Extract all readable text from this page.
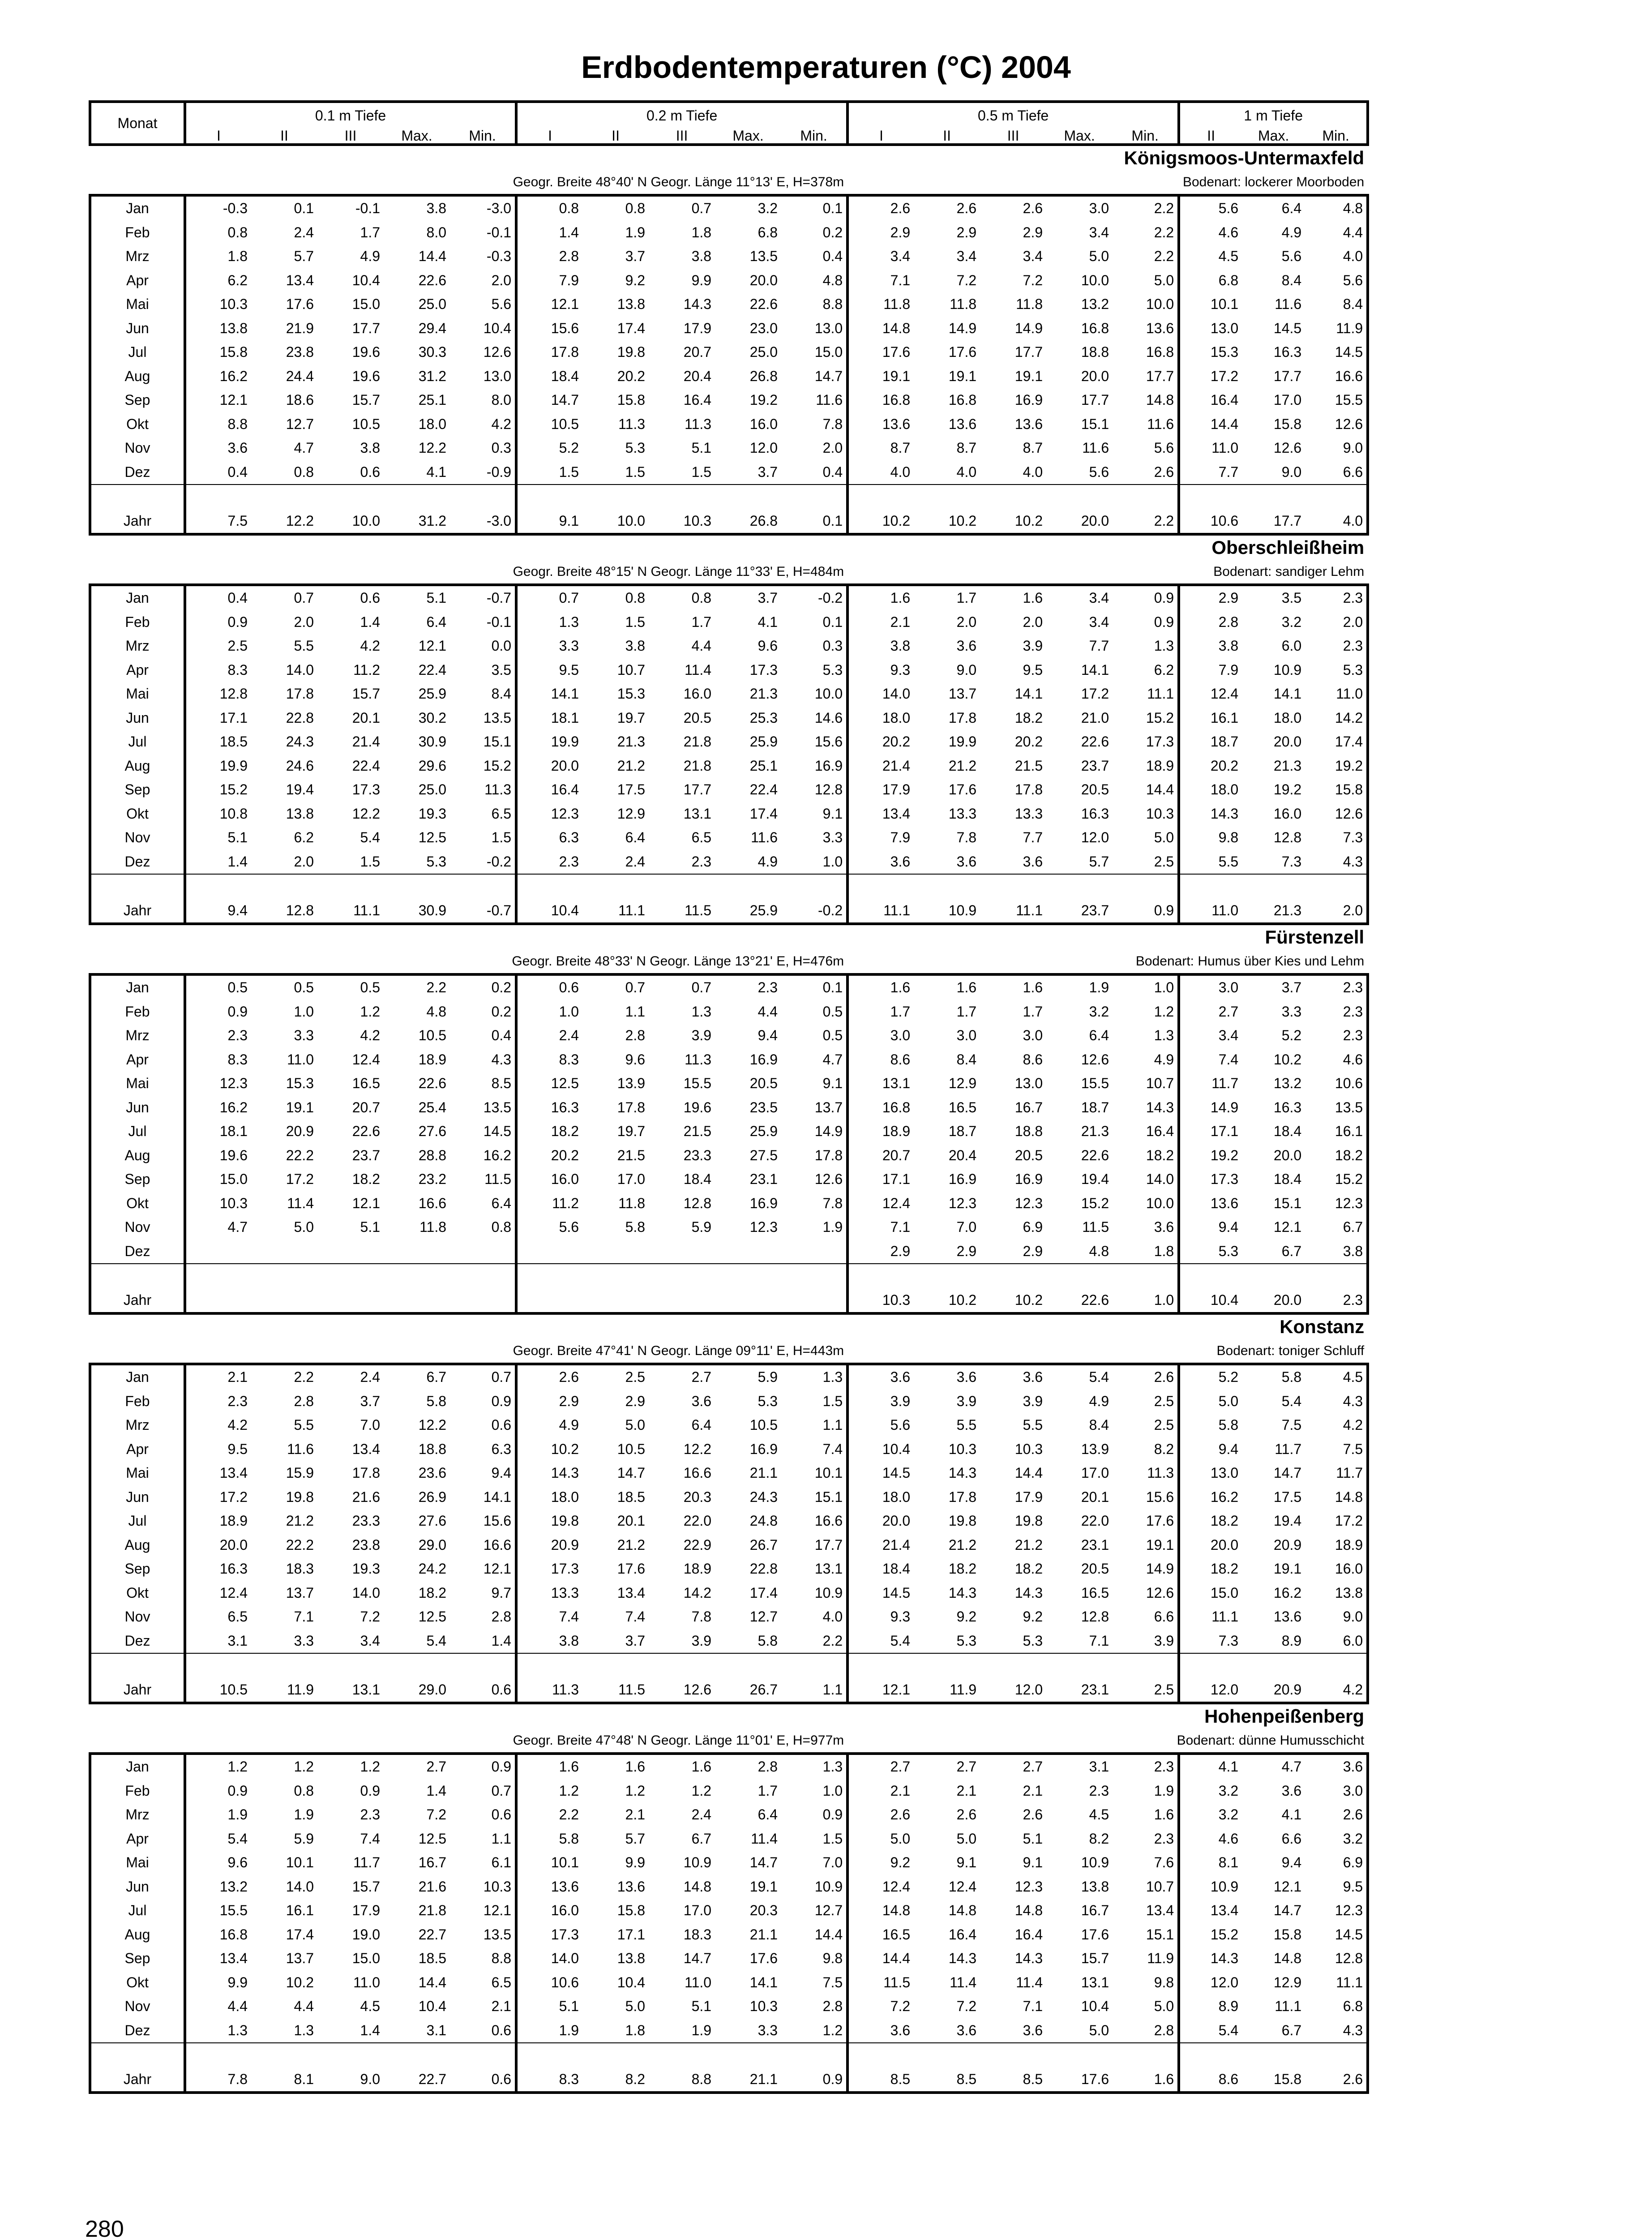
Erdbodentemperaturen (°C) 2004
Monat	0.1 m Tiefe					0.2 m Tiefe					0.5 m Tiefe					1 m Tiefe		
	I	II	III	Max.	Min.	I	II	III	Max.	Min.	I	II	III	Max.	Min.	II	Max.	Min.
Königsmoos-Untermaxfeld																		
Geogr. Breite 48°40' N Geogr. Länge 11°13' E, H=378m											Bodenart: lockerer Moorboden							
Jan	-0.3	0.1	-0.1	3.8	-3.0	0.8	0.8	0.7	3.2	0.1	2.6	2.6	2.6	3.0	2.2	5.6	6.4	4.8
Feb	0.8	2.4	1.7	8.0	-0.1	1.4	1.9	1.8	6.8	0.2	2.9	2.9	2.9	3.4	2.2	4.6	4.9	4.4
Mrz	1.8	5.7	4.9	14.4	-0.3	2.8	3.7	3.8	13.5	0.4	3.4	3.4	3.4	5.0	2.2	4.5	5.6	4.0
Apr	6.2	13.4	10.4	22.6	2.0	7.9	9.2	9.9	20.0	4.8	7.1	7.2	7.2	10.0	5.0	6.8	8.4	5.6
Mai	10.3	17.6	15.0	25.0	5.6	12.1	13.8	14.3	22.6	8.8	11.8	11.8	11.8	13.2	10.0	10.1	11.6	8.4
Jun	13.8	21.9	17.7	29.4	10.4	15.6	17.4	17.9	23.0	13.0	14.8	14.9	14.9	16.8	13.6	13.0	14.5	11.9
Jul	15.8	23.8	19.6	30.3	12.6	17.8	19.8	20.7	25.0	15.0	17.6	17.6	17.7	18.8	16.8	15.3	16.3	14.5
Aug	16.2	24.4	19.6	31.2	13.0	18.4	20.2	20.4	26.8	14.7	19.1	19.1	19.1	20.0	17.7	17.2	17.7	16.6
Sep	12.1	18.6	15.7	25.1	8.0	14.7	15.8	16.4	19.2	11.6	16.8	16.8	16.9	17.7	14.8	16.4	17.0	15.5
Okt	8.8	12.7	10.5	18.0	4.2	10.5	11.3	11.3	16.0	7.8	13.6	13.6	13.6	15.1	11.6	14.4	15.8	12.6
Nov	3.6	4.7	3.8	12.2	0.3	5.2	5.3	5.1	12.0	2.0	8.7	8.7	8.7	11.6	5.6	11.0	12.6	9.0
Dez	0.4	0.8	0.6	4.1	-0.9	1.5	1.5	1.5	3.7	0.4	4.0	4.0	4.0	5.6	2.6	7.7	9.0	6.6

Jahr	7.5	12.2	10.0	31.2	-3.0	9.1	10.0	10.3	26.8	0.1	10.2	10.2	10.2	20.0	2.2	10.6	17.7	4.0
Oberschleißheim																		
Geogr. Breite 48°15' N Geogr. Länge 11°33' E, H=484m											Bodenart: sandiger Lehm							
Jan	0.4	0.7	0.6	5.1	-0.7	0.7	0.8	0.8	3.7	-0.2	1.6	1.7	1.6	3.4	0.9	2.9	3.5	2.3
Feb	0.9	2.0	1.4	6.4	-0.1	1.3	1.5	1.7	4.1	0.1	2.1	2.0	2.0	3.4	0.9	2.8	3.2	2.0
Mrz	2.5	5.5	4.2	12.1	0.0	3.3	3.8	4.4	9.6	0.3	3.8	3.6	3.9	7.7	1.3	3.8	6.0	2.3
Apr	8.3	14.0	11.2	22.4	3.5	9.5	10.7	11.4	17.3	5.3	9.3	9.0	9.5	14.1	6.2	7.9	10.9	5.3
Mai	12.8	17.8	15.7	25.9	8.4	14.1	15.3	16.0	21.3	10.0	14.0	13.7	14.1	17.2	11.1	12.4	14.1	11.0
Jun	17.1	22.8	20.1	30.2	13.5	18.1	19.7	20.5	25.3	14.6	18.0	17.8	18.2	21.0	15.2	16.1	18.0	14.2
Jul	18.5	24.3	21.4	30.9	15.1	19.9	21.3	21.8	25.9	15.6	20.2	19.9	20.2	22.6	17.3	18.7	20.0	17.4
Aug	19.9	24.6	22.4	29.6	15.2	20.0	21.2	21.8	25.1	16.9	21.4	21.2	21.5	23.7	18.9	20.2	21.3	19.2
Sep	15.2	19.4	17.3	25.0	11.3	16.4	17.5	17.7	22.4	12.8	17.9	17.6	17.8	20.5	14.4	18.0	19.2	15.8
Okt	10.8	13.8	12.2	19.3	6.5	12.3	12.9	13.1	17.4	9.1	13.4	13.3	13.3	16.3	10.3	14.3	16.0	12.6
Nov	5.1	6.2	5.4	12.5	1.5	6.3	6.4	6.5	11.6	3.3	7.9	7.8	7.7	12.0	5.0	9.8	12.8	7.3
Dez	1.4	2.0	1.5	5.3	-0.2	2.3	2.4	2.3	4.9	1.0	3.6	3.6	3.6	5.7	2.5	5.5	7.3	4.3

Jahr	9.4	12.8	11.1	30.9	-0.7	10.4	11.1	11.5	25.9	-0.2	11.1	10.9	11.1	23.7	0.9	11.0	21.3	2.0
Fürstenzell																		
Geogr. Breite 48°33' N Geogr. Länge 13°21' E, H=476m											Bodenart: Humus über Kies und Lehm							
Jan	0.5	0.5	0.5	2.2	0.2	0.6	0.7	0.7	2.3	0.1	1.6	1.6	1.6	1.9	1.0	3.0	3.7	2.3
Feb	0.9	1.0	1.2	4.8	0.2	1.0	1.1	1.3	4.4	0.5	1.7	1.7	1.7	3.2	1.2	2.7	3.3	2.3
Mrz	2.3	3.3	4.2	10.5	0.4	2.4	2.8	3.9	9.4	0.5	3.0	3.0	3.0	6.4	1.3	3.4	5.2	2.3
Apr	8.3	11.0	12.4	18.9	4.3	8.3	9.6	11.3	16.9	4.7	8.6	8.4	8.6	12.6	4.9	7.4	10.2	4.6
Mai	12.3	15.3	16.5	22.6	8.5	12.5	13.9	15.5	20.5	9.1	13.1	12.9	13.0	15.5	10.7	11.7	13.2	10.6
Jun	16.2	19.1	20.7	25.4	13.5	16.3	17.8	19.6	23.5	13.7	16.8	16.5	16.7	18.7	14.3	14.9	16.3	13.5
Jul	18.1	20.9	22.6	27.6	14.5	18.2	19.7	21.5	25.9	14.9	18.9	18.7	18.8	21.3	16.4	17.1	18.4	16.1
Aug	19.6	22.2	23.7	28.8	16.2	20.2	21.5	23.3	27.5	17.8	20.7	20.4	20.5	22.6	18.2	19.2	20.0	18.2
Sep	15.0	17.2	18.2	23.2	11.5	16.0	17.0	18.4	23.1	12.6	17.1	16.9	16.9	19.4	14.0	17.3	18.4	15.2
Okt	10.3	11.4	12.1	16.6	6.4	11.2	11.8	12.8	16.9	7.8	12.4	12.3	12.3	15.2	10.0	13.6	15.1	12.3
Nov	4.7	5.0	5.1	11.8	0.8	5.6	5.8	5.9	12.3	1.9	7.1	7.0	6.9	11.5	3.6	9.4	12.1	6.7
Dez											2.9	2.9	2.9	4.8	1.8	5.3	6.7	3.8

Jahr											10.3	10.2	10.2	22.6	1.0	10.4	20.0	2.3
Konstanz																		
Geogr. Breite 47°41' N Geogr. Länge 09°11' E, H=443m											Bodenart: toniger Schluff							
Jan	2.1	2.2	2.4	6.7	0.7	2.6	2.5	2.7	5.9	1.3	3.6	3.6	3.6	5.4	2.6	5.2	5.8	4.5
Feb	2.3	2.8	3.7	5.8	0.9	2.9	2.9	3.6	5.3	1.5	3.9	3.9	3.9	4.9	2.5	5.0	5.4	4.3
Mrz	4.2	5.5	7.0	12.2	0.6	4.9	5.0	6.4	10.5	1.1	5.6	5.5	5.5	8.4	2.5	5.8	7.5	4.2
Apr	9.5	11.6	13.4	18.8	6.3	10.2	10.5	12.2	16.9	7.4	10.4	10.3	10.3	13.9	8.2	9.4	11.7	7.5
Mai	13.4	15.9	17.8	23.6	9.4	14.3	14.7	16.6	21.1	10.1	14.5	14.3	14.4	17.0	11.3	13.0	14.7	11.7
Jun	17.2	19.8	21.6	26.9	14.1	18.0	18.5	20.3	24.3	15.1	18.0	17.8	17.9	20.1	15.6	16.2	17.5	14.8
Jul	18.9	21.2	23.3	27.6	15.6	19.8	20.1	22.0	24.8	16.6	20.0	19.8	19.8	22.0	17.6	18.2	19.4	17.2
Aug	20.0	22.2	23.8	29.0	16.6	20.9	21.2	22.9	26.7	17.7	21.4	21.2	21.2	23.1	19.1	20.0	20.9	18.9
Sep	16.3	18.3	19.3	24.2	12.1	17.3	17.6	18.9	22.8	13.1	18.4	18.2	18.2	20.5	14.9	18.2	19.1	16.0
Okt	12.4	13.7	14.0	18.2	9.7	13.3	13.4	14.2	17.4	10.9	14.5	14.3	14.3	16.5	12.6	15.0	16.2	13.8
Nov	6.5	7.1	7.2	12.5	2.8	7.4	7.4	7.8	12.7	4.0	9.3	9.2	9.2	12.8	6.6	11.1	13.6	9.0
Dez	3.1	3.3	3.4	5.4	1.4	3.8	3.7	3.9	5.8	2.2	5.4	5.3	5.3	7.1	3.9	7.3	8.9	6.0

Jahr	10.5	11.9	13.1	29.0	0.6	11.3	11.5	12.6	26.7	1.1	12.1	11.9	12.0	23.1	2.5	12.0	20.9	4.2
Hohenpeißenberg																		
Geogr. Breite 47°48' N Geogr. Länge 11°01' E, H=977m											Bodenart: dünne Humusschicht							
Jan	1.2	1.2	1.2	2.7	0.9	1.6	1.6	1.6	2.8	1.3	2.7	2.7	2.7	3.1	2.3	4.1	4.7	3.6
Feb	0.9	0.8	0.9	1.4	0.7	1.2	1.2	1.2	1.7	1.0	2.1	2.1	2.1	2.3	1.9	3.2	3.6	3.0
Mrz	1.9	1.9	2.3	7.2	0.6	2.2	2.1	2.4	6.4	0.9	2.6	2.6	2.6	4.5	1.6	3.2	4.1	2.6
Apr	5.4	5.9	7.4	12.5	1.1	5.8	5.7	6.7	11.4	1.5	5.0	5.0	5.1	8.2	2.3	4.6	6.6	3.2
Mai	9.6	10.1	11.7	16.7	6.1	10.1	9.9	10.9	14.7	7.0	9.2	9.1	9.1	10.9	7.6	8.1	9.4	6.9
Jun	13.2	14.0	15.7	21.6	10.3	13.6	13.6	14.8	19.1	10.9	12.4	12.4	12.3	13.8	10.7	10.9	12.1	9.5
Jul	15.5	16.1	17.9	21.8	12.1	16.0	15.8	17.0	20.3	12.7	14.8	14.8	14.8	16.7	13.4	13.4	14.7	12.3
Aug	16.8	17.4	19.0	22.7	13.5	17.3	17.1	18.3	21.1	14.4	16.5	16.4	16.4	17.6	15.1	15.2	15.8	14.5
Sep	13.4	13.7	15.0	18.5	8.8	14.0	13.8	14.7	17.6	9.8	14.4	14.3	14.3	15.7	11.9	14.3	14.8	12.8
Okt	9.9	10.2	11.0	14.4	6.5	10.6	10.4	11.0	14.1	7.5	11.5	11.4	11.4	13.1	9.8	12.0	12.9	11.1
Nov	4.4	4.4	4.5	10.4	2.1	5.1	5.0	5.1	10.3	2.8	7.2	7.2	7.1	10.4	5.0	8.9	11.1	6.8
Dez	1.3	1.3	1.4	3.1	0.6	1.9	1.8	1.9	3.3	1.2	3.6	3.6	3.6	5.0	2.8	5.4	6.7	4.3

Jahr	7.8	8.1	9.0	22.7	0.6	8.3	8.2	8.8	21.1	0.9	8.5	8.5	8.5	17.6	1.6	8.6	15.8	2.6
280
